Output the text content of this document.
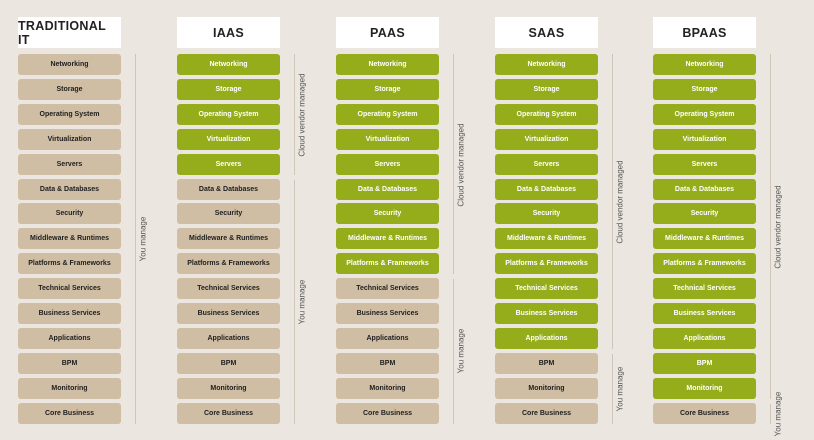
TRADITIONAL IT
Networking
Storage
Operating System
Virtualization
Servers
Data & Databases
Security
Middleware & Runtimes
Platforms & Frameworks
Technical Services
Business Services
Applications
BPM
Monitoring
Core Business
You manage
IAAS
Networking
Storage
Operating System
Virtualization
Servers
Data & Databases
Security
Middleware & Runtimes
Platforms & Frameworks
Technical Services
Business Services
Applications
BPM
Monitoring
Core Business
Cloud vendor managed
You manage
PAAS
Networking
Storage
Operating System
Virtualization
Servers
Data & Databases
Security
Middleware & Runtimes
Platforms & Frameworks
Technical Services
Business Services
Applications
BPM
Monitoring
Core Business
Cloud vendor managed
You manage
SAAS
Networking
Storage
Operating System
Virtualization
Servers
Data & Databases
Security
Middleware & Runtimes
Platforms & Frameworks
Technical Services
Business Services
Applications
BPM
Monitoring
Core Business
Cloud vendor managed
You manage
BPAAS
Networking
Storage
Operating System
Virtualization
Servers
Data & Databases
Security
Middleware & Runtimes
Platforms & Frameworks
Technical Services
Business Services
Applications
BPM
Monitoring
Core Business
Cloud vendor managed
You manage
